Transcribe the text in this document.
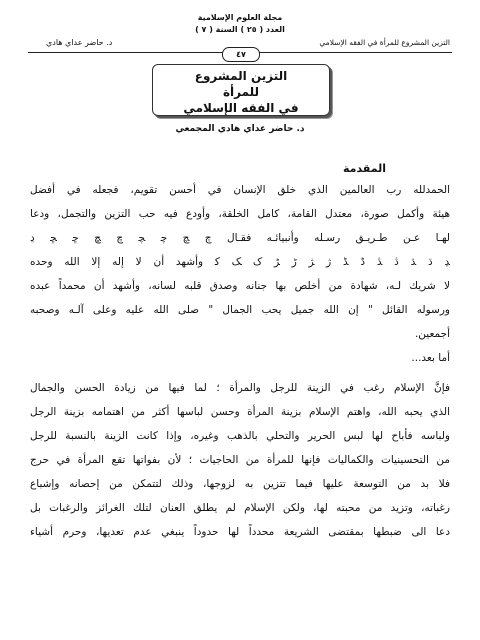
مجلة العلوم الإسلامية
العدد ( ٢٥ ) السنة ( ٧ )
د. حاضر عداي هادي	التزين المشروع للمرأة في الفقه الإسلامي
٤٧
التزين المشروع
للمرأة
في الفقه الإسلامي
د. حاضر عداي هادي المجمعي
المقدمة
الحمدلله رب العالمين الذي خلق الإنسان في أحسن تقويم، فجعله في أفضل
هيئة وأكمل صورة، معتدل القامة، كامل الخلقة، وأودع فيه حب التزين والتجمل، ودعا
لهـا عـن طـريـق رسـله وأنبيائـه فقـال ﭺ ﭻ ﭼ ﭽ ﭾ ﭿ ﮀ ﮁ ﮂ
ﮃ ﮄ ﮅ ﮆ ﮇ ﮈ ﮉ ﮊ ﮋ ﮌ ﮍ ﮎ ﮏ ﮐ وأشهد أن لا إله إلا الله وحده
لا شريك لـه، شهادة من أخلص بها جنانه وصدق قلبه لسانه، وأشهد أن محمداً عبده
ورسوله القائل " إن الله جميل يحب الجمال " صلى الله عليه وعلى آلـه وصحبه
أجمعين.
أما بعد...
فإنَّ الإسلام رغب في الزينة للرجل والمرأة ؛ لما فيها من زيادة الحسن والجمال
الذي يحبه الله، واهتم الإسلام بزينة المرأة وحسن لباسها أكثر من اهتمامه بزينة الرجل
ولباسه فأباح لها لبس الحرير والتحلي بالذهب وغيره، وإذا كانت الزينة بالنسبة للرجل
من التحسينيات والكماليات فإنها للمرأة من الحاجيات ؛ لأن بفواتها تقع المرأة في حرج
فلا بد من التوسعة عليها فيما تتزين به لزوجها، وذلك لتتمكن من إحصانه وإشباع
رغباته، وتزيد من محبته لها، ولكن الإسلام لم يطلق العنان لتلك الغرائز والرغبات بل
دعا الى ضبطها بمقتضى الشريعة محدداً لها حدوداً ينبغي عدم تعديها، وحرم أشياء
